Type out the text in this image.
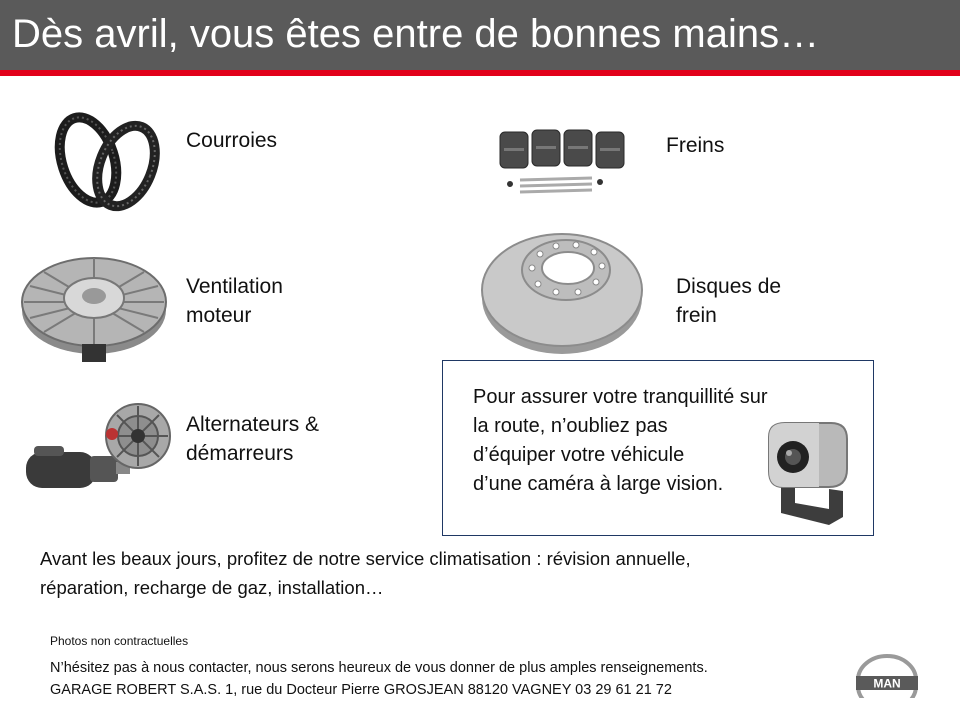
Dès avril, vous êtes entre de bonnes mains…
Courroies	Freins
Ventilation moteur
Disques de frein
Alternateurs & démarreurs
Pour assurer votre tranquillité sur
la route, n’oubliez pas
d’équiper votre véhicule
d’une caméra à large vision.
Avant les beaux jours, profitez de notre service climatisation : révision annuelle,
réparation, recharge de gaz, installation…
Photos non contractuelles
N’hésitez pas à nous contacter, nous serons heureux de vous donner de plus amples renseignements.
GARAGE ROBERT S.A.S. 1, rue du Docteur Pierre GROSJEAN 88120 VAGNEY 03 29 61 21 72	MAN
